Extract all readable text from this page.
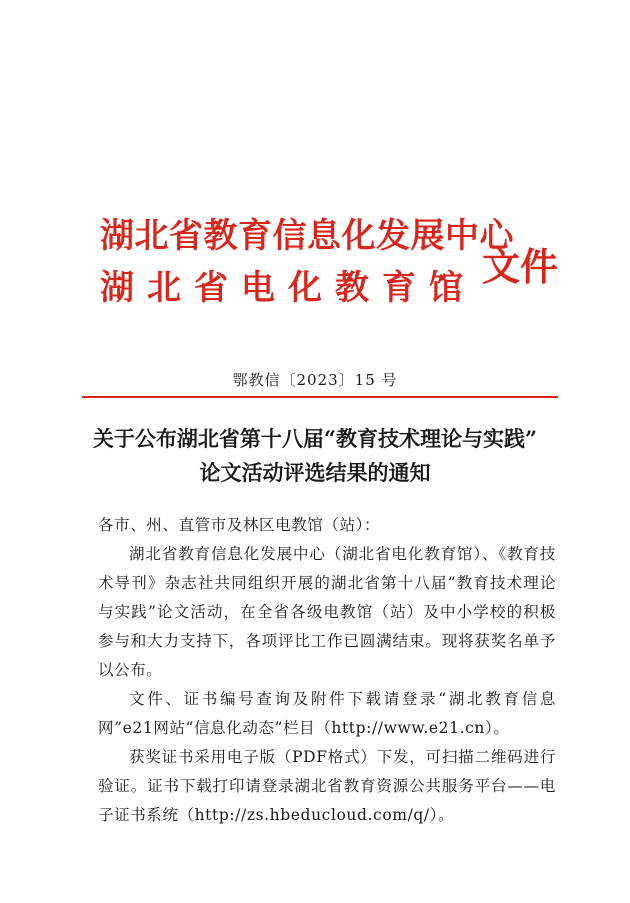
湖北省教育信息化发展中心
湖北省电化教育馆 文件
鄂教信〔2023〕15 号
关于公布湖北省第十八届“教育技术理论与实践”
论文活动评选结果的通知

各市、州、直管市及林区电教馆（站）：

湖北省教育信息化发展中心（湖北省电化教育馆）、《教育技术导刊》杂志社共同组织开展的湖北省第十八届“教育技术理论与实践”论文活动，在全省各级电教馆（站）及中小学校的积极参与和大力支持下，各项评比工作已圆满结束。现将获奖名单予以公布。

文件、证书编号查询及附件下载请登录“湖北教育信息网”e21网站“信息化动态”栏目（http://www.e21.cn）。

获奖证书采用电子版（PDF格式）下发，可扫描二维码进行验证。证书下载打印请登录湖北省教育资源公共服务平台——电子证书系统（http://zs.hbeducloud.com/q/）。
